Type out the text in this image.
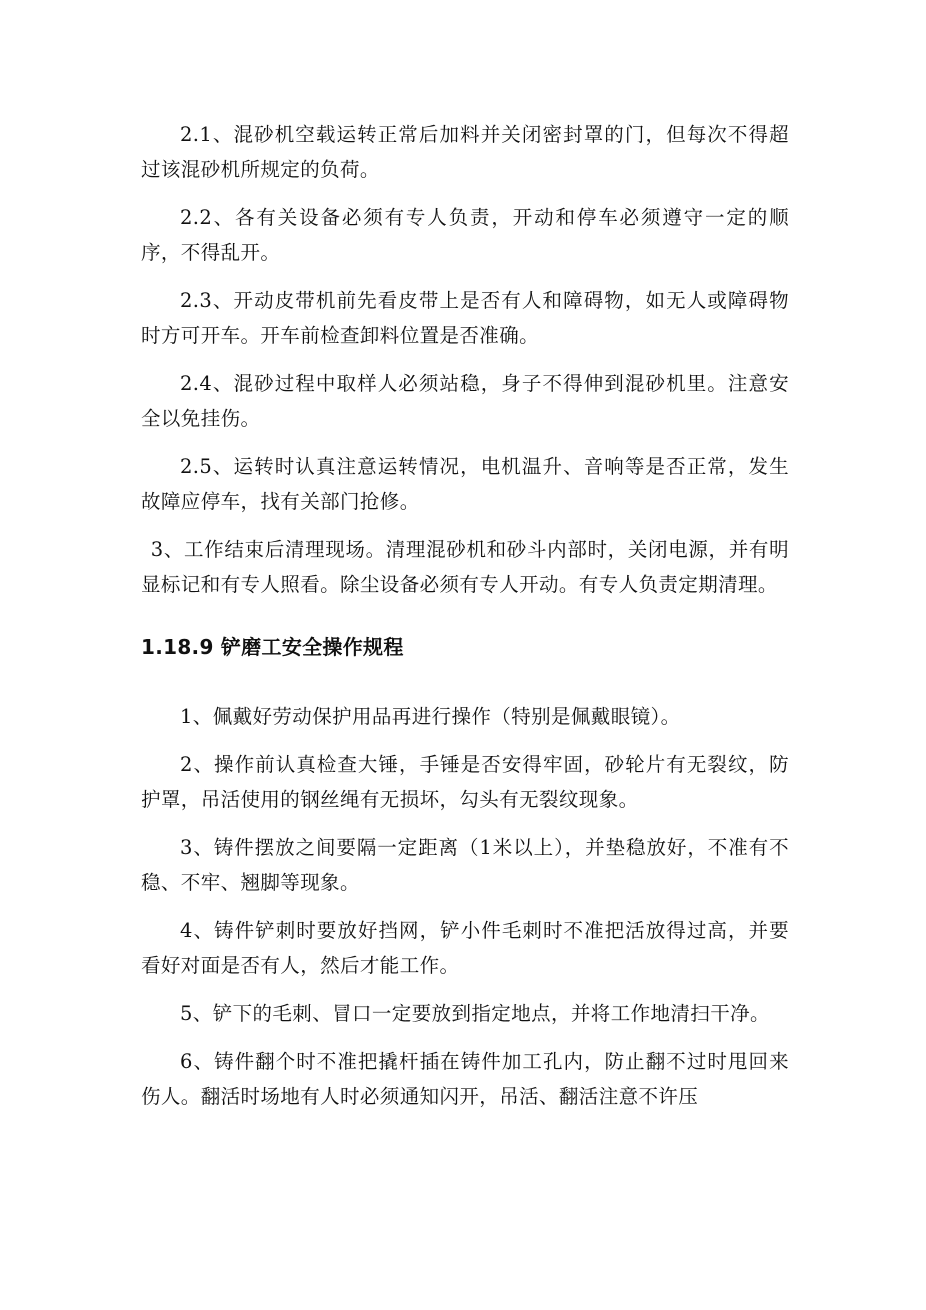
2.1、混砂机空载运转正常后加料并关闭密封罩的门，但每次不得超过该混砂机所规定的负荷。

2.2、各有关设备必须有专人负责，开动和停车必须遵守一定的顺序，不得乱开。

2.3、开动皮带机前先看皮带上是否有人和障碍物，如无人或障碍物时方可开车。开车前检查卸料位置是否准确。

2.4、混砂过程中取样人必须站稳，身子不得伸到混砂机里。注意安全以免挂伤。

2.5、运转时认真注意运转情况，电机温升、音响等是否正常，发生故障应停车，找有关部门抢修。

3、工作结束后清理现场。清理混砂机和砂斗内部时，关闭电源，并有明显标记和有专人照看。除尘设备必须有专人开动。有专人负责定期清理。

1.18.9 铲磨工安全操作规程

1、佩戴好劳动保护用品再进行操作（特别是佩戴眼镜）。

2、操作前认真检查大锤，手锤是否安得牢固，砂轮片有无裂纹，防护罩，吊活使用的钢丝绳有无损坏，勾头有无裂纹现象。

3、铸件摆放之间要隔一定距离（1米以上），并垫稳放好，不准有不稳、不牢、翘脚等现象。

4、铸件铲刺时要放好挡网，铲小件毛刺时不准把活放得过高，并要看好对面是否有人，然后才能工作。

5、铲下的毛刺、冒口一定要放到指定地点，并将工作地清扫干净。

6、铸件翻个时不准把撬杆插在铸件加工孔内，防止翻不过时甩回来伤人。翻活时场地有人时必须通知闪开，吊活、翻活注意不许压
